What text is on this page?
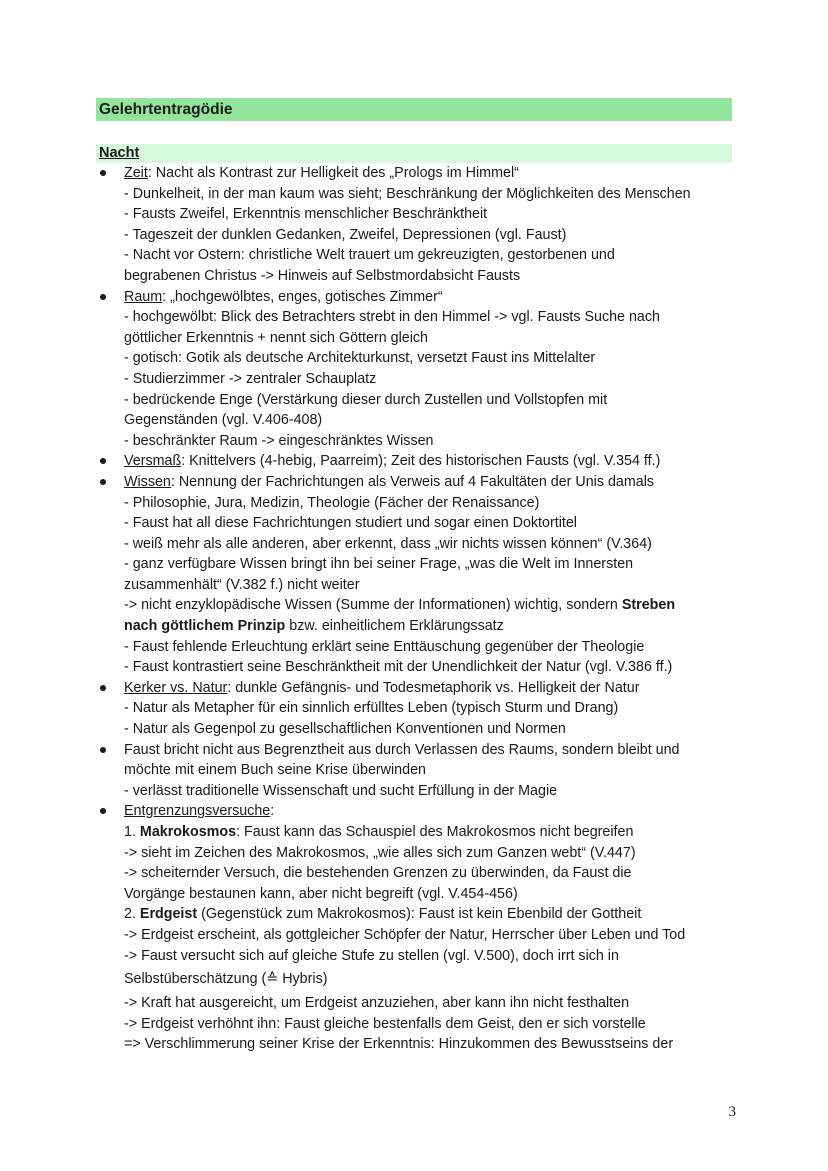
Gelehrtentragödie
Nacht
Zeit: Nacht als Kontrast zur Helligkeit des „Prologs im Himmel“
- Dunkelheit, in der man kaum was sieht; Beschränkung der Möglichkeiten des Menschen
- Fausts Zweifel, Erkenntnis menschlicher Beschränktheit
- Tageszeit der dunklen Gedanken, Zweifel, Depressionen (vgl. Faust)
- Nacht vor Ostern: christliche Welt trauert um gekreuzigten, gestorbenen und
begrabenen Christus -> Hinweis auf Selbstmordabsicht Fausts
Raum: „hochgewölbtes, enges, gotisches Zimmer“
- hochgewölbt: Blick des Betrachters strebt in den Himmel -> vgl. Fausts Suche nach
göttlicher Erkenntnis + nennt sich Göttern gleich
- gotisch: Gotik als deutsche Architekturkunst, versetzt Faust ins Mittelalter
- Studierzimmer -> zentraler Schauplatz
- bedrückende Enge (Verstärkung dieser durch Zustellen und Vollstopfen mit
Gegenständen (vgl. V.406-408)
- beschränkter Raum -> eingeschränktes Wissen
Versmaß: Knittelvers (4-hebig, Paarreim); Zeit des historischen Fausts (vgl. V.354 ff.)
Wissen: Nennung der Fachrichtungen als Verweis auf 4 Fakultäten der Unis damals
- Philosophie, Jura, Medizin, Theologie (Fächer der Renaissance)
- Faust hat all diese Fachrichtungen studiert und sogar einen Doktortitel
- weiß mehr als alle anderen, aber erkennt, dass „wir nichts wissen können“ (V.364)
- ganz verfügbare Wissen bringt ihn bei seiner Frage, „was die Welt im Innersten
zusammenhält“ (V.382 f.) nicht weiter
-> nicht enzyklopädische Wissen (Summe der Informationen) wichtig, sondern Streben
nach göttlichem Prinzip bzw. einheitlichem Erklärungssatz
- Faust fehlende Erleuchtung erklärt seine Enttäuschung gegenüber der Theologie
- Faust kontrastiert seine Beschränktheit mit der Unendlichkeit der Natur (vgl. V.386 ff.)
Kerker vs. Natur: dunkle Gefängnis- und Todesmetaphorik vs. Helligkeit der Natur
- Natur als Metapher für ein sinnlich erfülltes Leben (typisch Sturm und Drang)
- Natur als Gegenpol zu gesellschaftlichen Konventionen und Normen
Faust bricht nicht aus Begrenztheit aus durch Verlassen des Raums, sondern bleibt und
möchte mit einem Buch seine Krise überwinden
- verlässt traditionelle Wissenschaft und sucht Erfüllung in der Magie
Entgrenzungsversuche:
1. Makrokosmos: Faust kann das Schauspiel des Makrokosmos nicht begreifen
-> sieht im Zeichen des Makrokosmos, „wie alles sich zum Ganzen webt“ (V.447)
-> scheiternder Versuch, die bestehenden Grenzen zu überwinden, da Faust die
Vorgänge bestaunen kann, aber nicht begreift (vgl. V.454-456)
2. Erdgeist (Gegenstück zum Makrokosmos): Faust ist kein Ebenbild der Gottheit
-> Erdgeist erscheint, als gottgleicher Schöpfer der Natur, Herrscher über Leben und Tod
-> Faust versucht sich auf gleiche Stufe zu stellen (vgl. V.500), doch irrt sich in
Selbstüberschätzung (≙ Hybris)
-> Kraft hat ausgereicht, um Erdgeist anzuziehen, aber kann ihn nicht festhalten
-> Erdgeist verhöhnt ihn: Faust gleiche bestenfalls dem Geist, den er sich vorstelle
=> Verschlimmerung seiner Krise der Erkenntnis: Hinzukommen des Bewusstseins der
3
